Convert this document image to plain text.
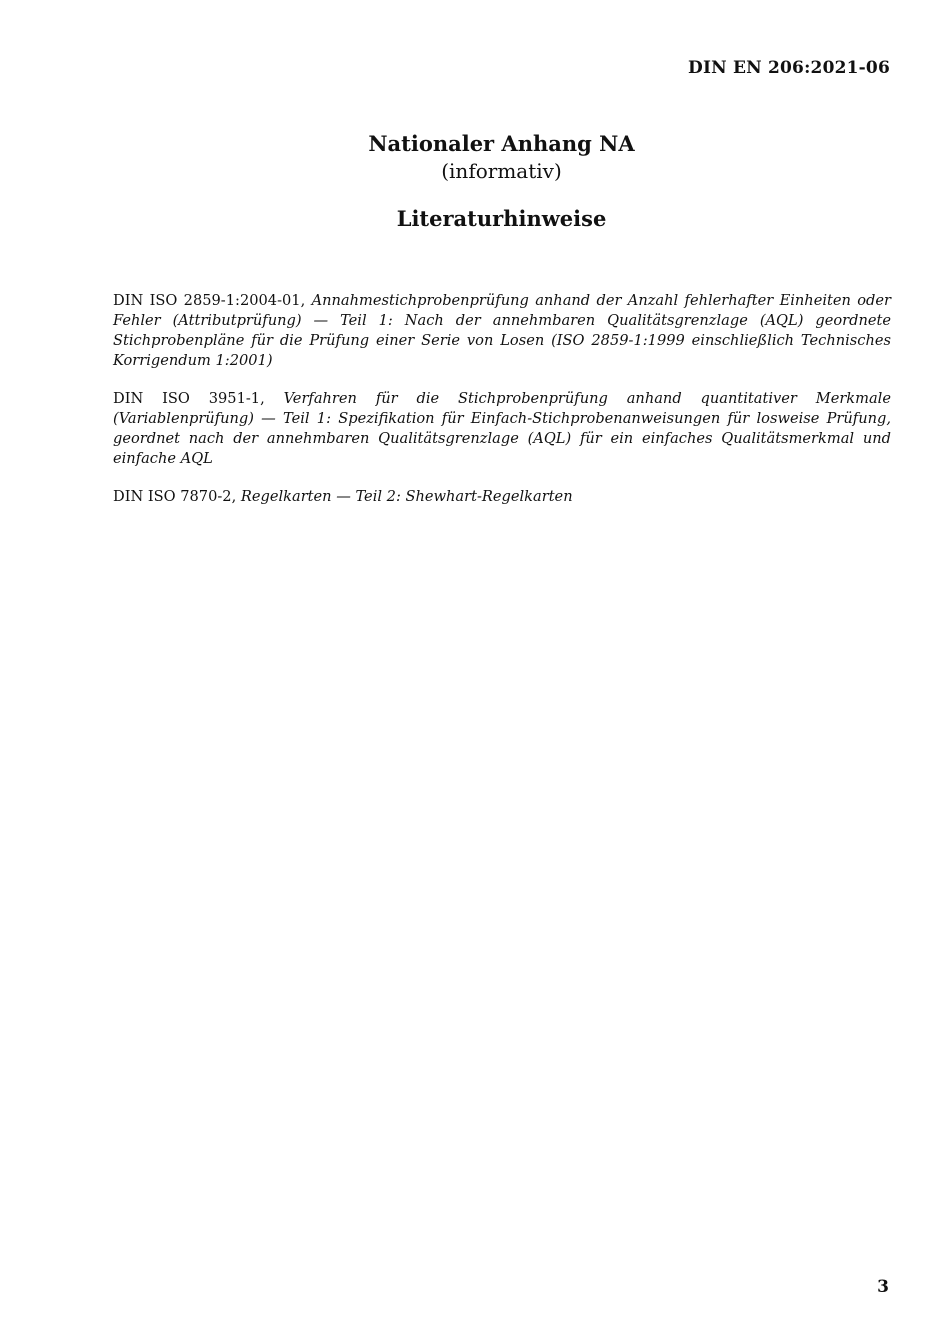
DIN EN 206:2021-06
Nationaler Anhang NA
(informativ)
Literaturhinweise

DIN ISO 2859-1:2004-01, Annahmestichprobenprüfung anhand der Anzahl fehlerhafter Einheiten oder Fehler (Attributprüfung) — Teil 1: Nach der annehmbaren Qualitätsgrenzlage (AQL) geordnete Stichprobenpläne für die Prüfung einer Serie von Losen (ISO 2859-1:1999 einschließlich Technisches Korrigendum 1:2001)

DIN ISO 3951-1, Verfahren für die Stichprobenprüfung anhand quantitativer Merkmale (Variablenprüfung) — Teil 1: Spezifikation für Einfach-Stichprobenanweisungen für losweise Prüfung, geordnet nach der annehmbaren Qualitätsgrenzlage (AQL) für ein einfaches Qualitätsmerkmal und einfache AQL

DIN ISO 7870-2, Regelkarten — Teil 2: Shewhart-Regelkarten

3
